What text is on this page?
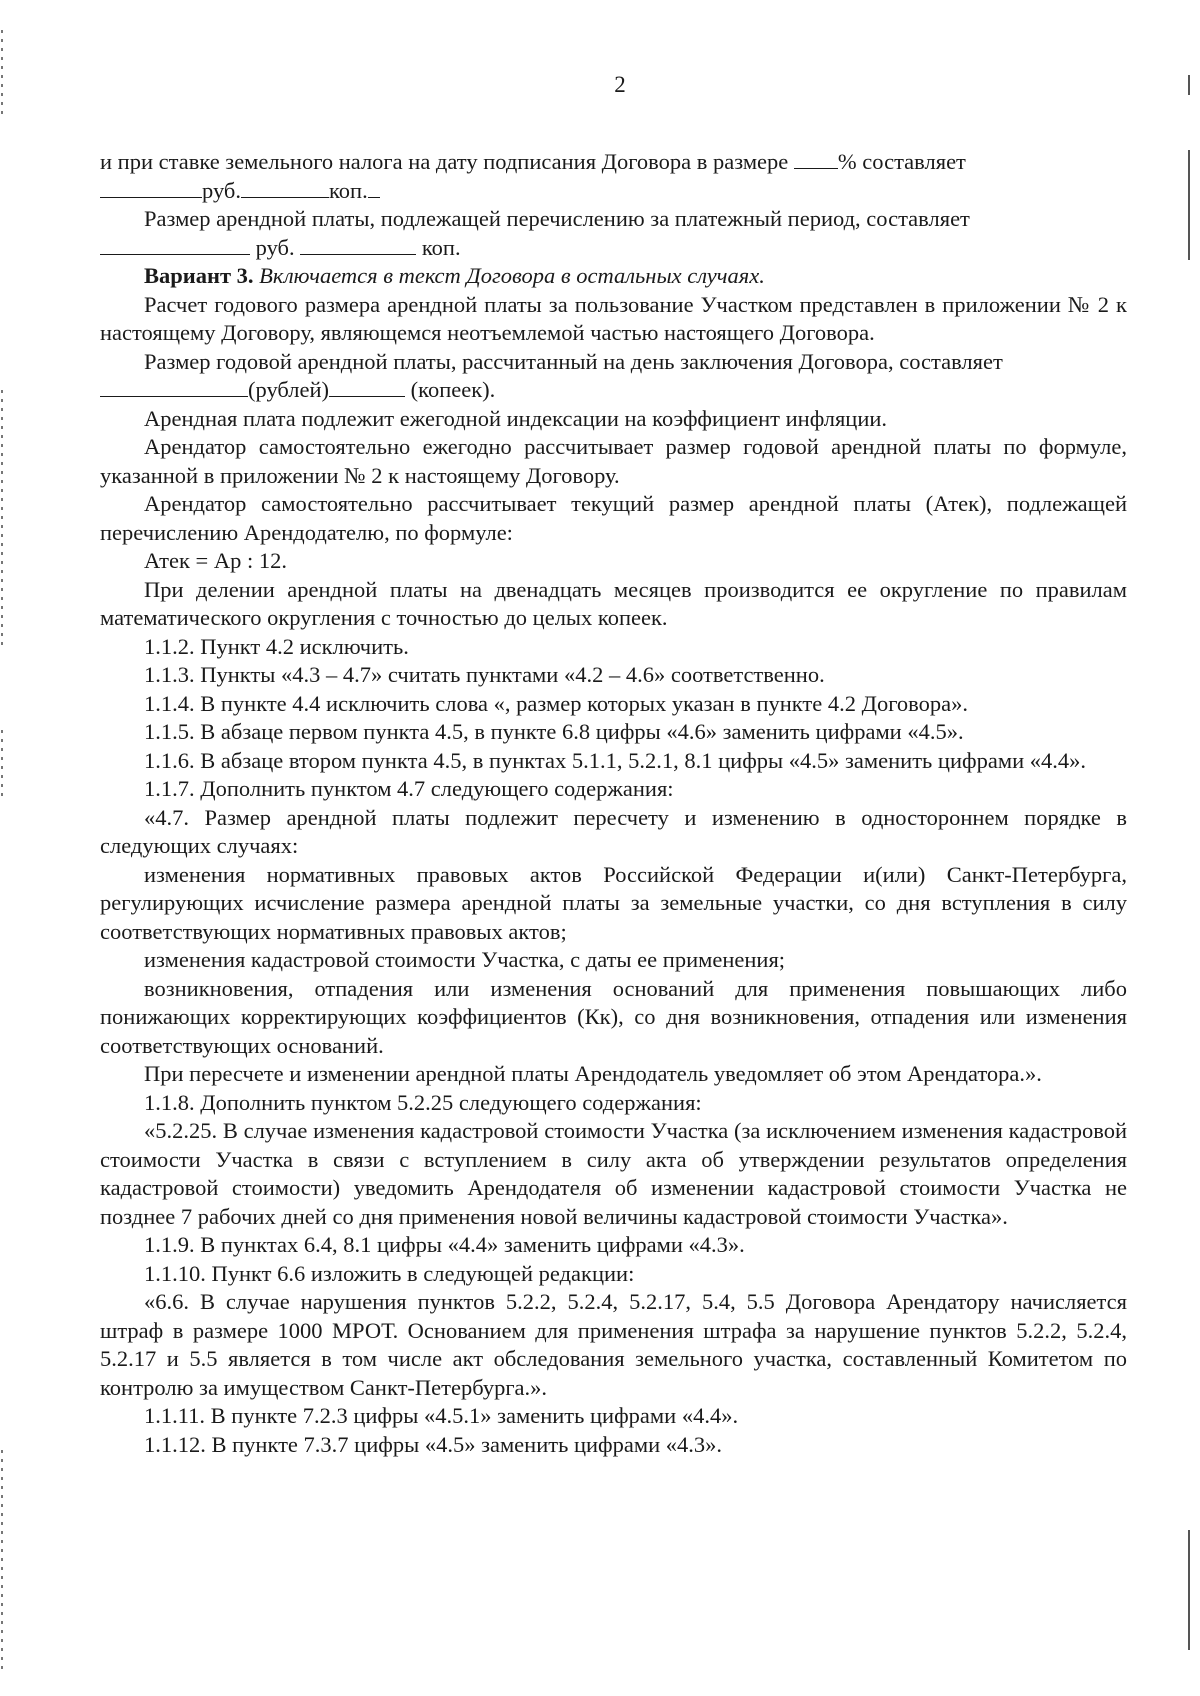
2

и при ставке земельного налога на дату подписания Договора в размере % составляет
руб.	коп.

Размер арендной платы, подлежащей перечислению за платежный период, составляет

руб.	коп.

Вариант 3. Включается в текст Договора в остальных случаях.

Расчет годового размера арендной платы за пользование Участком представлен в приложении № 2 к настоящему Договору, являющемся неотъемлемой частью настоящего Договора.

Размер годовой арендной платы, рассчитанный на день заключения Договора, составляет

(рублей)	(копеек).

Арендная плата подлежит ежегодной индексации на коэффициент инфляции.

Арендатор самостоятельно ежегодно рассчитывает размер годовой арендной платы по формуле, указанной в приложении № 2 к настоящему Договору.

Арендатор самостоятельно рассчитывает текущий размер арендной платы (Атек), подлежащей перечислению Арендодателю, по формуле:

Атек = Ар : 12.

При делении арендной платы на двенадцать месяцев производится ее округление по правилам математического округления с точностью до целых копеек.

1.1.2. Пункт 4.2 исключить.

1.1.3. Пункты «4.3 – 4.7» считать пунктами «4.2 – 4.6» соответственно.

1.1.4. В пункте 4.4 исключить слова «, размер которых указан в пункте 4.2 Договора».

1.1.5. В абзаце первом пункта 4.5, в пункте 6.8 цифры «4.6» заменить цифрами «4.5».

1.1.6. В абзаце втором пункта 4.5, в пунктах 5.1.1, 5.2.1, 8.1 цифры «4.5» заменить цифрами «4.4».

1.1.7. Дополнить пунктом 4.7 следующего содержания:

«4.7. Размер арендной платы подлежит пересчету и изменению в одностороннем порядке в следующих случаях:

изменения нормативных правовых актов Российской Федерации и(или) Санкт-Петербурга, регулирующих исчисление размера арендной платы за земельные участки, со дня вступления в силу соответствующих нормативных правовых актов;

изменения кадастровой стоимости Участка, с даты ее применения;

возникновения, отпадения или изменения оснований для применения повышающих либо понижающих корректирующих коэффициентов (Кк), со дня возникновения, отпадения или изменения соответствующих оснований.

При пересчете и изменении арендной платы Арендодатель уведомляет об этом Арендатора.».

1.1.8. Дополнить пунктом 5.2.25 следующего содержания:

«5.2.25. В случае изменения кадастровой стоимости Участка (за исключением изменения кадастровой стоимости Участка в связи с вступлением в силу акта об утверждении результатов определения кадастровой стоимости) уведомить Арендодателя об изменении кадастровой стоимости Участка не позднее 7 рабочих дней со дня применения новой величины кадастровой стоимости Участка».

1.1.9. В пунктах 6.4, 8.1 цифры «4.4» заменить цифрами «4.3».

1.1.10. Пункт 6.6 изложить в следующей редакции:

«6.6. В случае нарушения пунктов 5.2.2, 5.2.4, 5.2.17, 5.4, 5.5 Договора Арендатору начисляется штраф в размере 1000 МРОТ. Основанием для применения штрафа за нарушение пунктов 5.2.2, 5.2.4, 5.2.17 и 5.5 является в том числе акт обследования земельного участка, составленный Комитетом по контролю за имуществом Санкт-Петербурга.».

1.1.11. В пункте 7.2.3 цифры «4.5.1» заменить цифрами «4.4».

1.1.12. В пункте 7.3.7 цифры «4.5» заменить цифрами «4.3».
